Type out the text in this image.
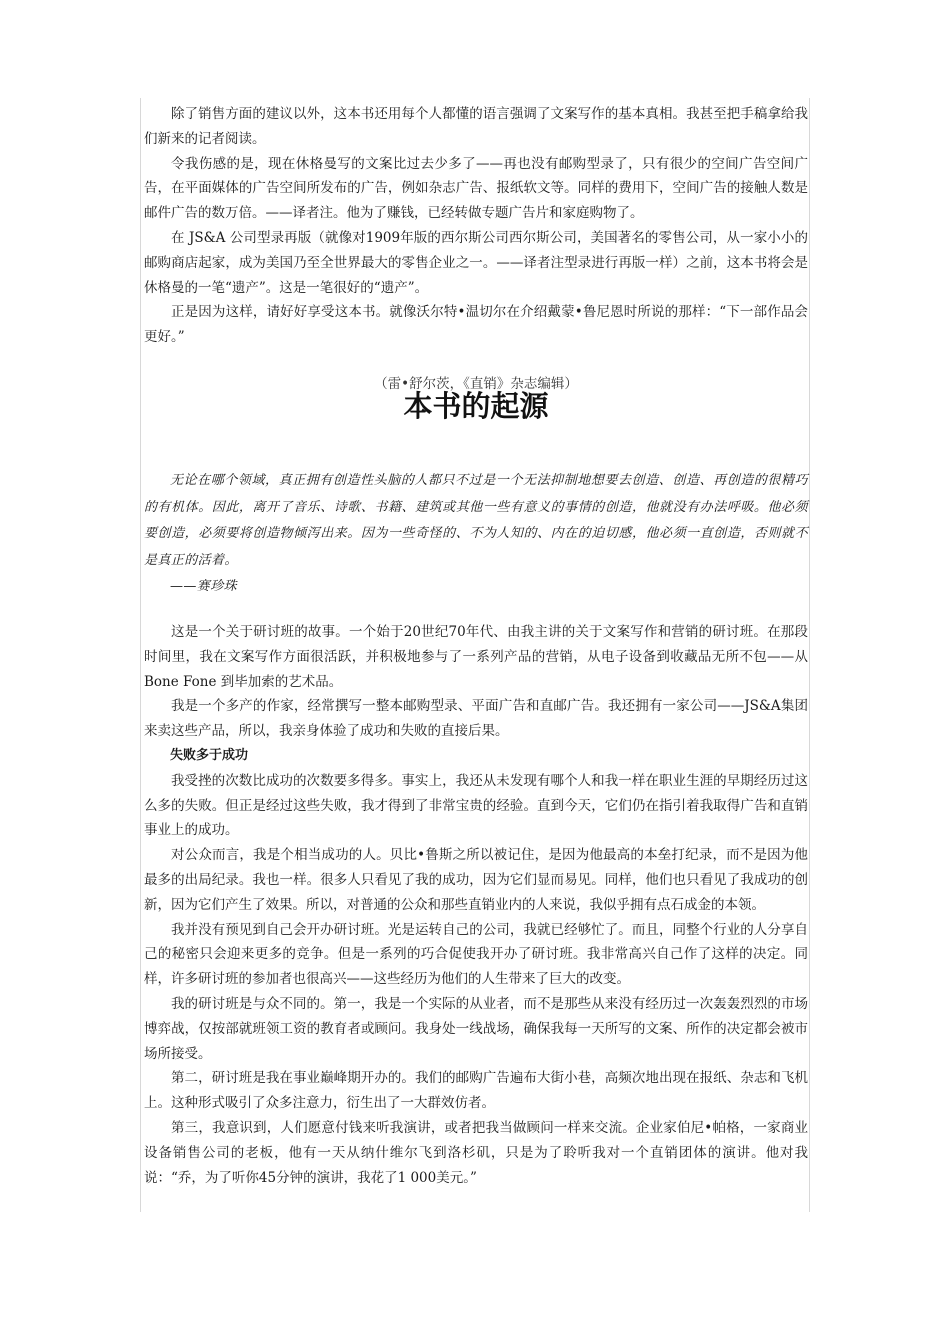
除了销售方面的建议以外，这本书还用每个人都懂的语言强调了文案写作的基本真相。我甚至把手稿拿给我们新来的记者阅读。

令我伤感的是，现在休格曼写的文案比过去少多了——再也没有邮购型录了，只有很少的空间广告空间广告，在平面媒体的广告空间所发布的广告，例如杂志广告、报纸软文等。同样的费用下，空间广告的接触人数是邮件广告的数万倍。——译者注。他为了赚钱，已经转做专题广告片和家庭购物了。

在 JS&A 公司型录再版（就像对1909年版的西尔斯公司西尔斯公司，美国著名的零售公司，从一家小小的邮购商店起家，成为美国乃至全世界最大的零售企业之一。——译者注型录进行再版一样）之前，这本书将会是休格曼的一笔“遗产”。这是一笔很好的“遗产”。

正是因为这样，请好好享受这本书。就像沃尔特•温切尔在介绍戴蒙•鲁尼恩时所说的那样：“下一部作品会更好。”

（雷•舒尔茨，《直销》杂志编辑）
本书的起源

无论在哪个领域，真正拥有创造性头脑的人都只不过是一个无法抑制地想要去创造、创造、再创造的很精巧的有机体。因此，离开了音乐、诗歌、书籍、建筑或其他一些有意义的事情的创造，他就没有办法呼吸。他必须要创造，必须要将创造物倾泻出来。因为一些奇怪的、不为人知的、内在的迫切感，他必须一直创造，否则就不是真正的活着。

——赛珍珠

这是一个关于研讨班的故事。一个始于20世纪70年代、由我主讲的关于文案写作和营销的研讨班。在那段时间里，我在文案写作方面很活跃，并积极地参与了一系列产品的营销，从电子设备到收藏品无所不包——从 Bone Fone 到毕加索的艺术品。

我是一个多产的作家，经常撰写一整本邮购型录、平面广告和直邮广告。我还拥有一家公司——JS&A集团来卖这些产品，所以，我亲身体验了成功和失败的直接后果。

失败多于成功

我受挫的次数比成功的次数要多得多。事实上，我还从未发现有哪个人和我一样在职业生涯的早期经历过这么多的失败。但正是经过这些失败，我才得到了非常宝贵的经验。直到今天，它们仍在指引着我取得广告和直销事业上的成功。

对公众而言，我是个相当成功的人。贝比•鲁斯之所以被记住，是因为他最高的本垒打纪录，而不是因为他最多的出局纪录。我也一样。很多人只看见了我的成功，因为它们显而易见。同样，他们也只看见了我成功的创新，因为它们产生了效果。所以，对普通的公众和那些直销业内的人来说，我似乎拥有点石成金的本领。

我并没有预见到自己会开办研讨班。光是运转自己的公司，我就已经够忙了。而且，同整个行业的人分享自己的秘密只会迎来更多的竞争。但是一系列的巧合促使我开办了研讨班。我非常高兴自己作了这样的决定。同样，许多研讨班的参加者也很高兴——这些经历为他们的人生带来了巨大的改变。

我的研讨班是与众不同的。第一，我是一个实际的从业者，而不是那些从来没有经历过一次轰轰烈烈的市场博弈战，仅按部就班领工资的教育者或顾问。我身处一线战场，确保我每一天所写的文案、所作的决定都会被市场所接受。

第二，研讨班是我在事业巅峰期开办的。我们的邮购广告遍布大街小巷，高频次地出现在报纸、杂志和飞机上。这种形式吸引了众多注意力，衍生出了一大群效仿者。

第三，我意识到，人们愿意付钱来听我演讲，或者把我当做顾问一样来交流。企业家伯尼•帕格，一家商业设备销售公司的老板，他有一天从纳什维尔飞到洛杉矶，只是为了聆听我对一个直销团体的演讲。他对我说：“乔，为了听你45分钟的演讲，我花了1 000美元。”
